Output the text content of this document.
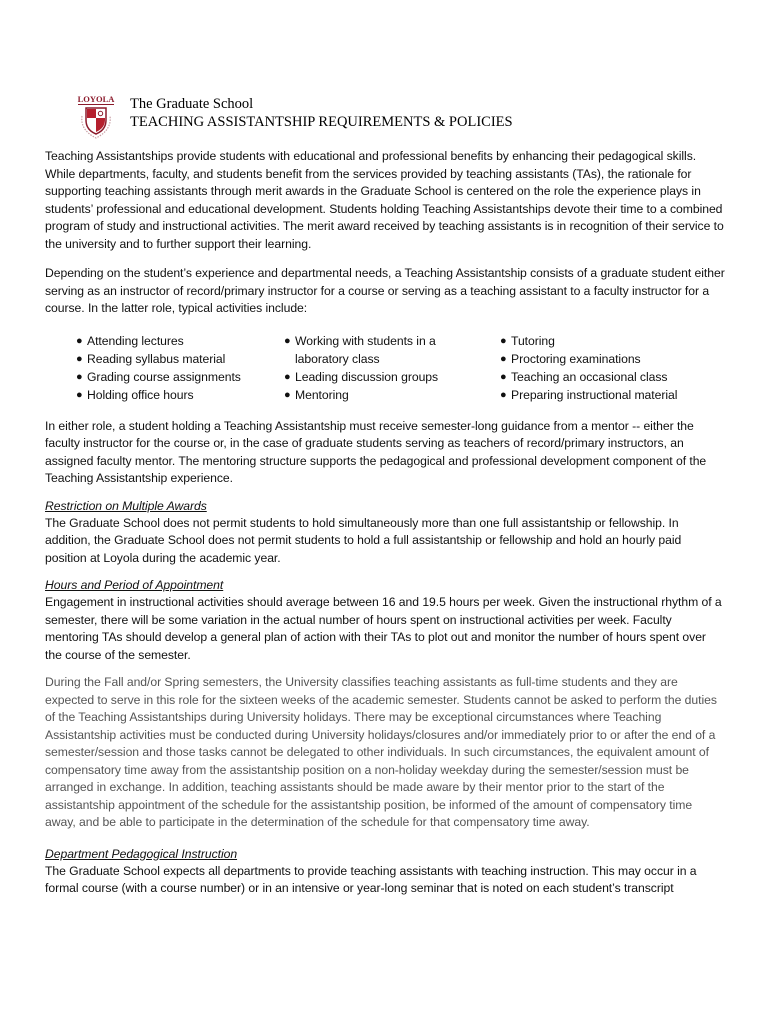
LOYOLA The Graduate School
TEACHING ASSISTANTSHIP REQUIREMENTS & POLICIES

Teaching Assistantships provide students with educational and professional benefits by enhancing their pedagogical skills. While departments, faculty, and students benefit from the services provided by teaching assistants (TAs), the rationale for supporting teaching assistants through merit awards in the Graduate School is centered on the role the experience plays in students’ professional and educational development. Students holding Teaching Assistantships devote their time to a combined program of study and instructional activities. The merit award received by teaching assistants is in recognition of their service to the university and to further support their learning.

Depending on the student’s experience and departmental needs, a Teaching Assistantship consists of a graduate student either serving as an instructor of record/primary instructor for a course or serving as a teaching assistant to a faculty instructor for a course. In the latter role, typical activities include:

● Attending lectures
● Reading syllabus material
● Grading course assignments
● Holding office hours
● Working with students in a laboratory class
● Leading discussion groups
● Mentoring
● Tutoring
● Proctoring examinations
● Teaching an occasional class
● Preparing instructional material

In either role, a student holding a Teaching Assistantship must receive semester-long guidance from a mentor -- either the faculty instructor for the course or, in the case of graduate students serving as teachers of record/primary instructors, an assigned faculty mentor. The mentoring structure supports the pedagogical and professional development component of the Teaching Assistantship experience.

Restriction on Multiple Awards

The Graduate School does not permit students to hold simultaneously more than one full assistantship or fellowship. In addition, the Graduate School does not permit students to hold a full assistantship or fellowship and hold an hourly paid position at Loyola during the academic year.

Hours and Period of Appointment

Engagement in instructional activities should average between 16 and 19.5 hours per week. Given the instructional rhythm of a semester, there will be some variation in the actual number of hours spent on instructional activities per week. Faculty mentoring TAs should develop a general plan of action with their TAs to plot out and monitor the number of hours spent over the course of the semester.

During the Fall and/or Spring semesters, the University classifies teaching assistants as full-time students and they are expected to serve in this role for the sixteen weeks of the academic semester. Students cannot be asked to perform the duties of the Teaching Assistantships during University holidays. There may be exceptional circumstances where Teaching Assistantship activities must be conducted during University holidays/closures and/or immediately prior to or after the end of a semester/session and those tasks cannot be delegated to other individuals. In such circumstances, the equivalent amount of compensatory time away from the assistantship position on a non-holiday weekday during the semester/session must be arranged in exchange. In addition, teaching assistants should be made aware by their mentor prior to the start of the assistantship appointment of the schedule for the assistantship position, be informed of the amount of compensatory time away, and be able to participate in the determination of the schedule for that compensatory time away.

Department Pedagogical Instruction

The Graduate School expects all departments to provide teaching assistants with teaching instruction. This may occur in a formal course (with a course number) or in an intensive or year-long seminar that is noted on each student’s transcript
